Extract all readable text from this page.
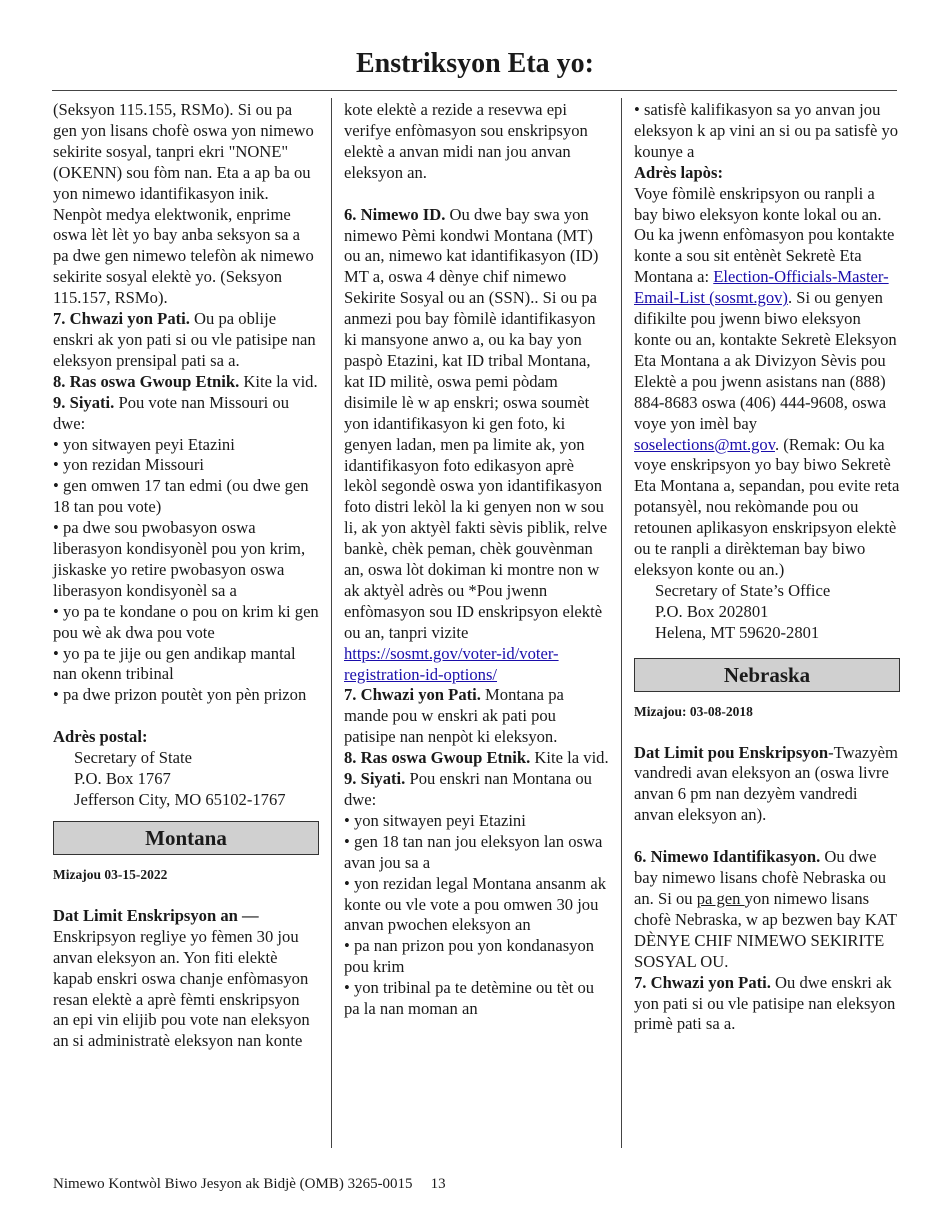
Enstriksyon Eta yo:

(Seksyon 115.155, RSMo). Si ou pa gen yon lisans chofè oswa yon nimewo sekirite sosyal, tanpri ekri "NONE" (OKENN) sou fòm nan. Eta a ap ba ou yon nimewo idantifikasyon inik. Nenpòt medya elektwonik, enprime oswa lèt lèt yo bay anba seksyon sa a pa dwe gen nimewo telefòn ak nimewo sekirite sosyal elektè yo. (Seksyon 115.157, RSMo).

7. Chwazi yon Pati. Ou pa oblije enskri ak yon pati si ou vle patisipe nan eleksyon prensipal pati sa a.

8. Ras oswa Gwoup Etnik. Kite la vid.

9. Siyati. Pou vote nan Missouri ou dwe:

• yon sitwayen peyi Etazini

• yon rezidan Missouri

• gen omwen 17 tan edmi (ou dwe gen 18 tan pou vote)

• pa dwe sou pwobasyon oswa liberasyon kondisyonèl pou yon krim, jiskaske yo retire pwobasyon oswa liberasyon kondisyonèl sa a

• yo pa te kondane o pou on krim ki gen pou wè ak dwa pou vote

• yo pa te jije ou gen andikap mantal nan okenn tribinal

• pa dwe prizon poutèt yon pèn prizon

Adrès postal:

Secretary of State

P.O. Box 1767

Jefferson City, MO 65102-1767

Montana

Mizajou 03-15-2022

Dat Limit Enskripsyon an —

Enskripsyon regliye yo fèmen 30 jou anvan eleksyon an. Yon fiti elektè kapab enskri oswa chanje enfòmasyon resan elektè a aprè fèmti enskripsyon an epi vin elijib pou vote nan eleksyon an si administratè eleksyon nan konte

kote elektè a rezide a resevwa epi verifye enfòmasyon sou enskripsyon elektè a anvan midi nan jou anvan eleksyon an.

6. Nimewo ID. Ou dwe bay swa yon nimewo Pèmi kondwi Montana (MT) ou an, nimewo kat idantifikasyon (ID) MT a, oswa 4 dènye chif nimewo Sekirite Sosyal ou an (SSN).. Si ou pa anmezi pou bay fòmilè idantifikasyon ki mansyone anwo a, ou ka bay yon paspò Etazini, kat ID tribal Montana, kat ID militè, oswa pemi pòdam disimile lè w ap enskri; oswa soumèt yon idantifikasyon ki gen foto, ki genyen ladan, men pa limite ak, yon idantifikasyon foto edikasyon aprè lekòl segondè oswa yon idantifikasyon foto distri lekòl la ki genyen non w sou li, ak yon aktyèl fakti sèvis piblik, relve bankè, chèk peman, chèk gouvènman an, oswa lòt dokiman ki montre non w ak aktyèl adrès ou *Pou jwenn enfòmasyon sou ID enskripsyon elektè ou an, tanpri vizite https://sosmt.gov/voter-id/voter-registration-id-options/

7. Chwazi yon Pati. Montana pa mande pou w enskri ak pati pou patisipe nan nenpòt ki eleksyon.

8. Ras oswa Gwoup Etnik. Kite la vid.

9. Siyati. Pou enskri nan Montana ou dwe:

• yon sitwayen peyi Etazini

• gen 18 tan nan jou eleksyon lan oswa avan jou sa a

• yon rezidan legal Montana ansanm ak konte ou vle vote a pou omwen 30 jou anvan pwochen eleksyon an

• pa nan prizon pou yon kondanasyon pou krim

• yon tribinal pa te detèmine ou tèt ou pa la nan moman an

• satisfè kalifikasyon sa yo anvan jou eleksyon k ap vini an si ou pa satisfè yo kounye a

Adrès lapòs:

Voye fòmilè enskripsyon ou ranpli a bay biwo eleksyon konte lokal ou an. Ou ka jwenn enfòmasyon pou kontakte konte a sou sit entènèt Sekretè Eta Montana a: Election-Officials-Master-Email-List (sosmt.gov). Si ou genyen difikilte pou jwenn biwo eleksyon konte ou an, kontakte Sekretè Eleksyon Eta Montana a ak Divizyon Sèvis pou Elektè a pou jwenn asistans nan (888) 884-8683 oswa (406) 444-9608, oswa voye yon imèl bay soselections@mt.gov. (Remak: Ou ka voye enskripsyon yo bay biwo Sekretè Eta Montana a, sepandan, pou evite reta potansyèl, nou rekòmande pou ou retounen aplikasyon enskripsyon elektè ou te ranpli a dirèkteman bay biwo eleksyon konte ou an.)

Secretary of State’s Office

P.O. Box 202801

Helena, MT 59620-2801

Nebraska

Mizajou: 03-08-2018

Dat Limit pou Enskripsyon-Twazyèm vandredi avan eleksyon an (oswa livre anvan 6 pm nan dezyèm vandredi anvan eleksyon an).

6. Nimewo Idantifikasyon. Ou dwe bay nimewo lisans chofè Nebraska ou an. Si ou pa gen yon nimewo lisans chofè Nebraska, w ap bezwen bay KAT DÈNYE CHIF NIMEWO SEKIRITE SOSYAL OU.

7. Chwazi yon Pati. Ou dwe enskri ak yon pati si ou vle patisipe nan eleksyon primè pati sa a.

Nimewo Kontwòl Biwo Jesyon ak Bidjè (OMB) 3265-0015 13
